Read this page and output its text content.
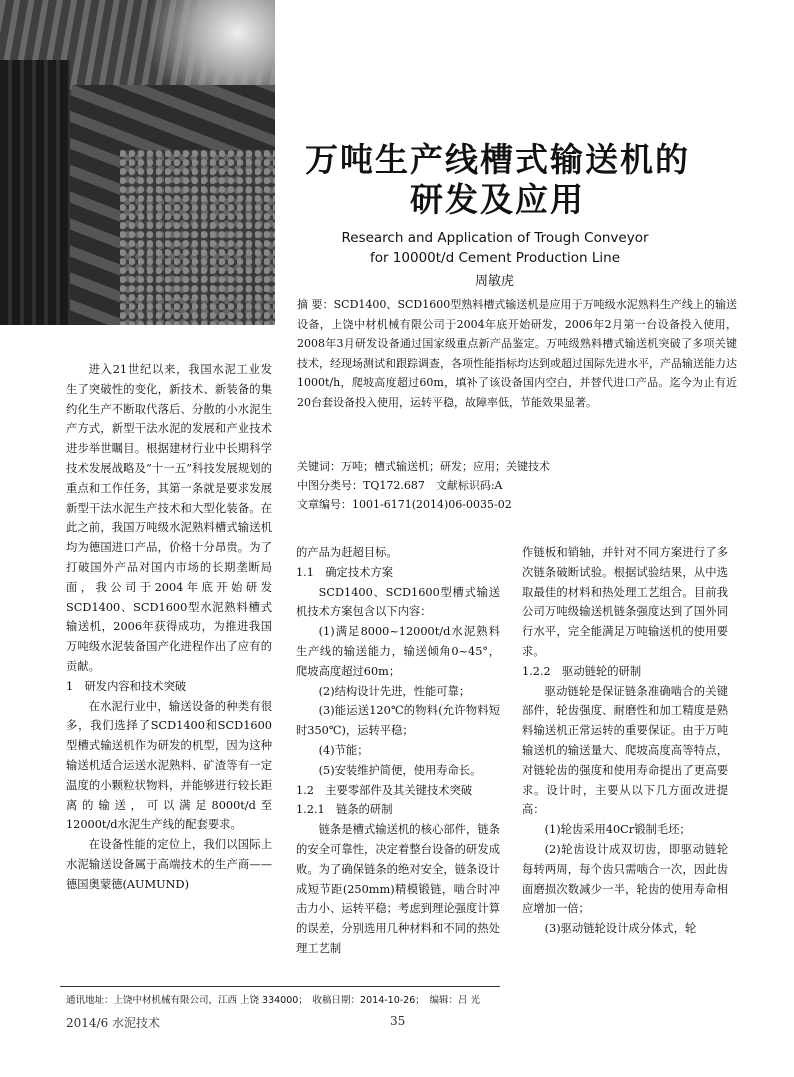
万吨生产线槽式输送机的
研发及应用
Research and Application of Trough Conveyor
for 10000t/d Cement Production Line
周敏虎
摘 要：SCD1400、SCD1600型熟料槽式输送机是应用于万吨级水泥熟料生产线上的输送设备，上饶中材机械有限公司于2004年底开始研发，2006年2月第一台设备投入使用，2008年3月研发设备通过国家级重点新产品鉴定。万吨级熟料槽式输送机突破了多项关键技术，经现场测试和跟踪调查，各项性能指标均达到或超过国际先进水平，产品输送能力达1000t/h，爬坡高度超过60m，填补了该设备国内空白，并替代进口产品。迄今为止有近20台套设备投入使用，运转平稳，故障率低，节能效果显著。
关键词：万吨；槽式输送机；研发；应用；关键技术
中图分类号：TQ172.687　文献标识码:A
文章编号：1001-6171(2014)06-0035-02

进入21世纪以来，我国水泥工业发生了突破性的变化，新技术、新装备的集约化生产不断取代落后、分散的小水泥生产方式，新型干法水泥的发展和产业技术进步举世瞩目。根据建材行业中长期科学技术发展战略及“十一五”科技发展规划的重点和工作任务，其第一条就是要求发展新型干法水泥生产技术和大型化装备。在此之前，我国万吨级水泥熟料槽式输送机均为德国进口产品，价格十分昂贵。为了打破国外产品对国内市场的长期垄断局面，我公司于2004年底开始研发SCD1400、SCD1600型水泥熟料槽式输送机，2006年获得成功，为推进我国万吨级水泥装备国产化进程作出了应有的贡献。

1　研发内容和技术突破

在水泥行业中，输送设备的种类有很多，我们选择了SCD1400和SCD1600型槽式输送机作为研发的机型，因为这种输送机适合运送水泥熟料、矿渣等有一定温度的小颗粒状物料，并能够进行较长距离的输送，可以满足8000t/d至12000t/d水泥生产线的配套要求。

在设备性能的定位上，我们以国际上水泥输送设备属于高端技术的生产商——德国奥蒙德(AUMUND)

的产品为赶超目标。

1.1　确定技术方案

SCD1400、SCD1600型槽式输送机技术方案包含以下内容：

(1)满足8000~12000t/d水泥熟料生产线的输送能力，输送倾角0~45°，爬坡高度超过60m；

(2)结构设计先进，性能可靠；

(3)能运送120℃的物料(允许物料短时350℃)，运转平稳；

(4)节能；

(5)安装维护简便，使用寿命长。

1.2　主要零部件及其关键技术突破

1.2.1　链条的研制

链条是槽式输送机的核心部件，链条的安全可靠性，决定着整台设备的研发成败。为了确保链条的绝对安全，链条设计成短节距(250mm)精模锻链，啮合时冲击力小、运转平稳；考虑到理论强度计算的误差，分别选用几种材料和不同的热处理工艺制

作链板和销轴，并针对不同方案进行了多次链条破断试验。根据试验结果，从中选取最佳的材料和热处理工艺组合。目前我公司万吨级输送机链条强度达到了国外同行水平，完全能满足万吨输送机的使用要求。

1.2.2　驱动链轮的研制

驱动链轮是保证链条准确啮合的关键部件，轮齿强度、耐磨性和加工精度是熟料输送机正常运转的重要保证。由于万吨输送机的输送量大、爬坡高度高等特点，对链轮齿的强度和使用寿命提出了更高要求。设计时，主要从以下几方面改进提高：

(1)轮齿采用40Cr锻制毛坯；

(2)轮齿设计成双切齿，即驱动链轮每转两周，每个齿只需啮合一次，因此齿面磨损次数减少一半，轮齿的使用寿命相应增加一倍；

(3)驱动链轮设计成分体式，轮

通讯地址：上饶中材机械有限公司，江西 上饶 334000；　收稿日期：2014-10-26；　编辑：吕 光
2014/6 水泥技术	35
